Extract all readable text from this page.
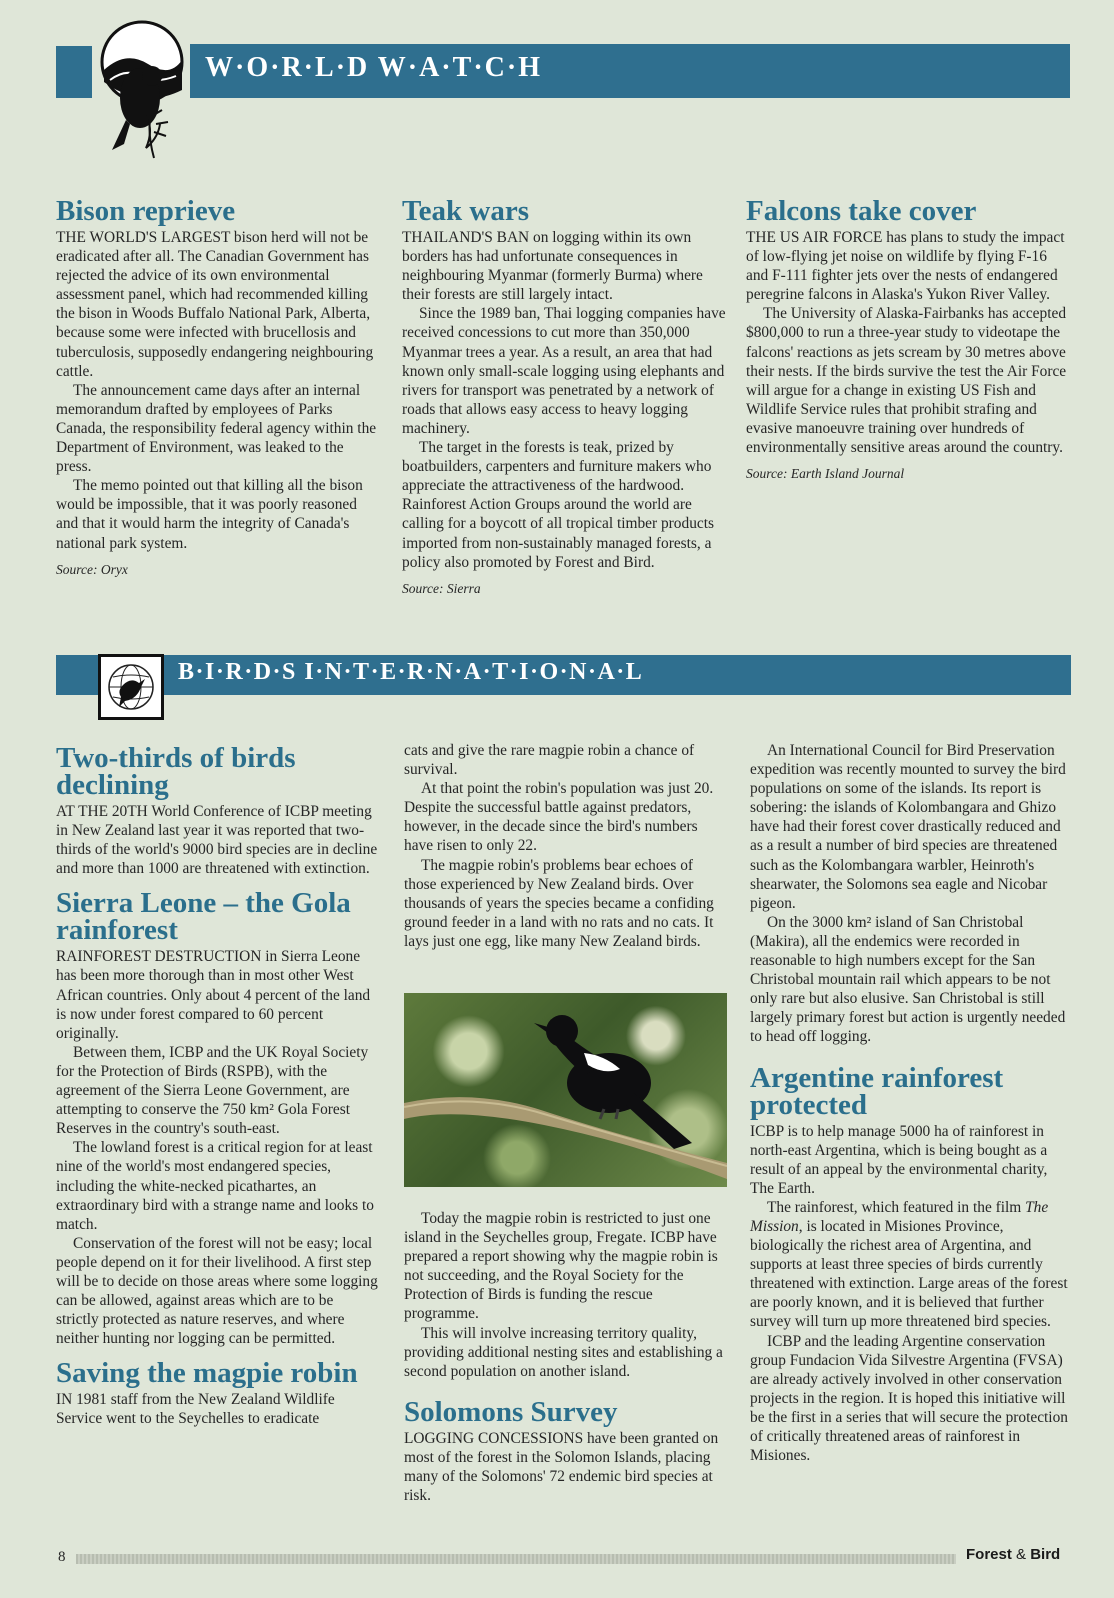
W·O·R·L·D W·A·T·C·H
Bison reprieve

THE WORLD'S LARGEST bison herd will not be eradicated after all. The Canadian Government has rejected the advice of its own environmental assessment panel, which had recommended killing the bison in Woods Buffalo National Park, Alberta, because some were infected with brucellosis and tuberculosis, supposedly endangering neighbouring cattle.

The announcement came days after an internal memorandum drafted by employees of Parks Canada, the responsibility federal agency within the Department of Environment, was leaked to the press.

The memo pointed out that killing all the bison would be impossible, that it was poorly reasoned and that it would harm the integrity of Canada's national park system.

Source: Oryx

Teak wars

THAILAND'S BAN on logging within its own borders has had unfortunate consequences in neighbouring Myanmar (formerly Burma) where their forests are still largely intact.

Since the 1989 ban, Thai logging companies have received concessions to cut more than 350,000 Myanmar trees a year. As a result, an area that had known only small-scale logging using elephants and rivers for transport was penetrated by a network of roads that allows easy access to heavy logging machinery.

The target in the forests is teak, prized by boatbuilders, carpenters and furniture makers who appreciate the attractiveness of the hardwood. Rainforest Action Groups around the world are calling for a boycott of all tropical timber products imported from non-sustainably managed forests, a policy also promoted by Forest and Bird.

Source: Sierra

Falcons take cover

THE US AIR FORCE has plans to study the impact of low-flying jet noise on wildlife by flying F-16 and F-111 fighter jets over the nests of endangered peregrine falcons in Alaska's Yukon River Valley.

The University of Alaska-Fairbanks has accepted $800,000 to run a three-year study to videotape the falcons' reactions as jets scream by 30 metres above their nests. If the birds survive the test the Air Force will argue for a change in existing US Fish and Wildlife Service rules that prohibit strafing and evasive manoeuvre training over hundreds of environmentally sensitive areas around the country.

Source: Earth Island Journal

B·I·R·D·S I·N·T·E·R·N·A·T·I·O·N·A·L
Two-thirds of birds declining

AT THE 20TH World Conference of ICBP meeting in New Zealand last year it was reported that two-thirds of the world's 9000 bird species are in decline and more than 1000 are threatened with extinction.

Sierra Leone – the Gola rainforest

RAINFOREST DESTRUCTION in Sierra Leone has been more thorough than in most other West African countries. Only about 4 percent of the land is now under forest compared to 60 percent originally.

Between them, ICBP and the UK Royal Society for the Protection of Birds (RSPB), with the agreement of the Sierra Leone Government, are attempting to conserve the 750 km² Gola Forest Reserves in the country's south-east.

The lowland forest is a critical region for at least nine of the world's most endangered species, including the white-necked picathartes, an extraordinary bird with a strange name and looks to match.

Conservation of the forest will not be easy; local people depend on it for their livelihood. A first step will be to decide on those areas where some logging can be allowed, against areas which are to be strictly protected as nature reserves, and where neither hunting nor logging can be permitted.

Saving the magpie robin

IN 1981 staff from the New Zealand Wildlife Service went to the Seychelles to eradicate

cats and give the rare magpie robin a chance of survival.

At that point the robin's population was just 20. Despite the successful battle against predators, however, in the decade since the bird's numbers have risen to only 22.

The magpie robin's problems bear echoes of those experienced by New Zealand birds. Over thousands of years the species became a confiding ground feeder in a land with no rats and no cats. It lays just one egg, like many New Zealand birds.

Today the magpie robin is restricted to just one island in the Seychelles group, Fregate. ICBP have prepared a report showing why the magpie robin is not succeeding, and the Royal Society for the Protection of Birds is funding the rescue programme.

This will involve increasing territory quality, providing additional nesting sites and establishing a second population on another island.

Solomons Survey

LOGGING CONCESSIONS have been granted on most of the forest in the Solomon Islands, placing many of the Solomons' 72 endemic bird species at risk.

An International Council for Bird Preservation expedition was recently mounted to survey the bird populations on some of the islands. Its report is sobering: the islands of Kolombangara and Ghizo have had their forest cover drastically reduced and as a result a number of bird species are threatened such as the Kolombangara warbler, Heinroth's shearwater, the Solomons sea eagle and Nicobar pigeon.

On the 3000 km² island of San Christobal (Makira), all the endemics were recorded in reasonable to high numbers except for the San Christobal mountain rail which appears to be not only rare but also elusive. San Christobal is still largely primary forest but action is urgently needed to head off logging.

Argentine rainforest protected

ICBP is to help manage 5000 ha of rainforest in north-east Argentina, which is being bought as a result of an appeal by the environmental charity, The Earth.

The rainforest, which featured in the film The Mission, is located in Misiones Province, biologically the richest area of Argentina, and supports at least three species of birds currently threatened with extinction. Large areas of the forest are poorly known, and it is believed that further survey will turn up more threatened bird species.

ICBP and the leading Argentine conservation group Fundacion Vida Silvestre Argentina (FVSA) are already actively involved in other conservation projects in the region. It is hoped this initiative will be the first in a series that will secure the protection of critically threatened areas of rainforest in Misiones.

8	Forest & Bird
